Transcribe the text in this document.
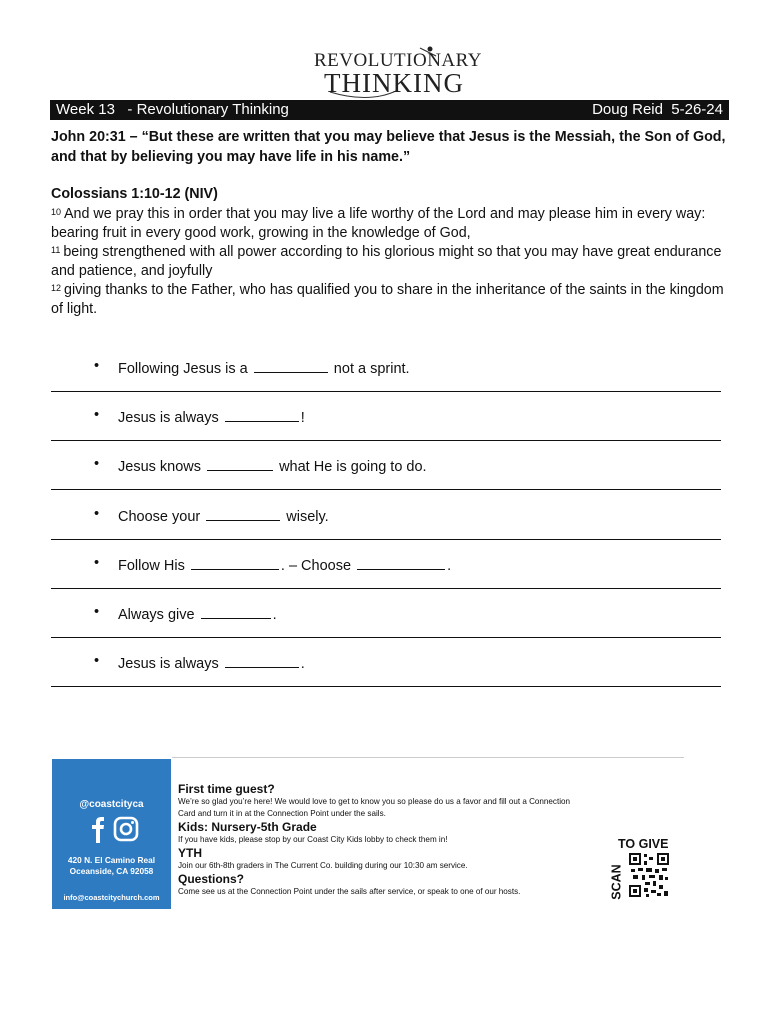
REVOLUTIONARY
THINKING
Week 13   - Revolutionary Thinking	Doug Reid  5-26-24
John 20:31 – “But these are written that you may believe that Jesus is the Messiah, the Son of God, and that by believing you may have life in his name.”
Colossians 1:10-12 (NIV)
$^{10}$ And we pray this in order that you may live a life worthy of the Lord and may please him in every way: bearing fruit in every good work, growing in the knowledge of God,
$^{11}$ being strengthened with all power according to his glorious might so that you may have great endurance and patience, and joyfully
$^{12}$ giving thanks to the Father, who has qualified you to share in the inheritance of the saints in the kingdom of light.
• Following Jesus is a	not a sprint.
• Jesus is always	!
• Jesus knows	what He is going to do.
• Choose your	wisely.
• Follow His	. – Choose	.
• Always give	.
• Jesus is always	.
@coastcityca
420 N. El Camino Real
Oceanside, CA 92058
info@coastcitychurch.com
First time guest?
We’re so glad you’re here! We would love to get to know you so please do us a favor and fill out a Connection Card and turn it in at the Connection Point under the sails.
Kids: Nursery-5th Grade
If you have kids, please stop by our Coast City Kids lobby to check them in!
YTH
Join our 6th-8th graders in The Current Co. building during our 10:30 am service.
Questions?
Come see us at the Connection Point under the sails after service, or speak to one of our hosts.
TO GIVE
SCAN
